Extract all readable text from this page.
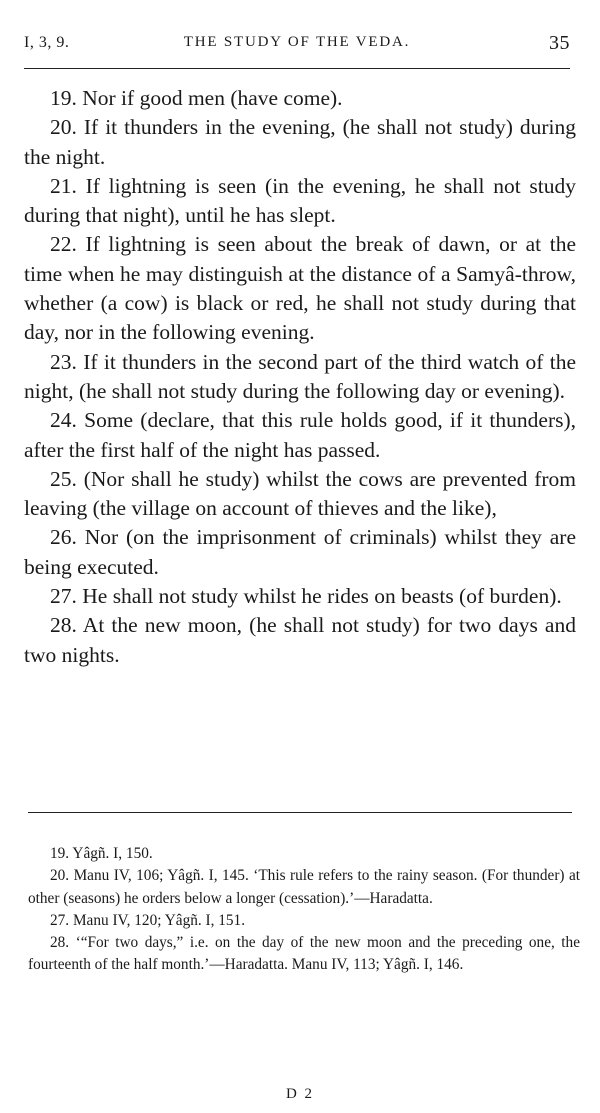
I, 3, 9.	THE STUDY OF THE VEDA.	35

19. Nor if good men (have come).

20. If it thunders in the evening, (he shall not study) during the night.

21. If lightning is seen (in the evening, he shall not study during that night), until he has slept.

22. If lightning is seen about the break of dawn, or at the time when he may distinguish at the distance of a Samyâ-throw, whether (a cow) is black or red, he shall not study during that day, nor in the following evening.

23. If it thunders in the second part of the third watch of the night, (he shall not study during the following day or evening).

24. Some (declare, that this rule holds good, if it thunders), after the first half of the night has passed.

25. (Nor shall he study) whilst the cows are prevented from leaving (the village on account of thieves and the like),

26. Nor (on the imprisonment of criminals) whilst they are being executed.

27. He shall not study whilst he rides on beasts (of burden).

28. At the new moon, (he shall not study) for two days and two nights.

19. Yâgñ. I, 150.

20. Manu IV, 106; Yâgñ. I, 145. ‘This rule refers to the rainy season. (For thunder) at other (seasons) he orders below a longer (cessation).’—Haradatta.

27. Manu IV, 120; Yâgñ. I, 151.

28. ‘“For two days,” i.e. on the day of the new moon and the preceding one, the fourteenth of the half month.’—Haradatta. Manu IV, 113; Yâgñ. I, 146.

D 2
